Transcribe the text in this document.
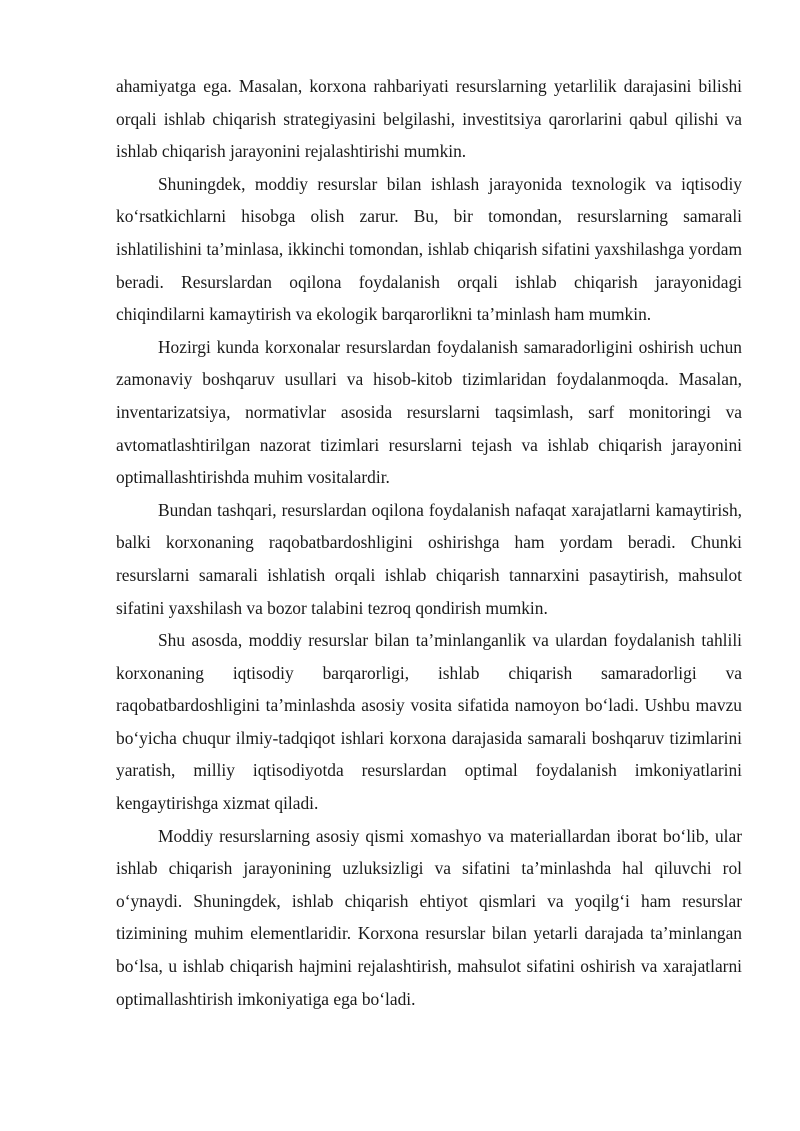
ahamiyatga ega. Masalan, korxona rahbariyati resurslarning yetarlilik darajasini bilishi orqali ishlab chiqarish strategiyasini belgilashi, investitsiya qarorlarini qabul qilishi va ishlab chiqarish jarayonini rejalashtirishi mumkin.

Shuningdek, moddiy resurslar bilan ishlash jarayonida texnologik va iqtisodiy ko‘rsatkichlarni hisobga olish zarur. Bu, bir tomondan, resurslarning samarali ishlatilishini ta’minlasa, ikkinchi tomondan, ishlab chiqarish sifatini yaxshilashga yordam beradi. Resurslardan oqilona foydalanish orqali ishlab chiqarish jarayonidagi chiqindilarni kamaytirish va ekologik barqarorlikni ta’minlash ham mumkin.

Hozirgi kunda korxonalar resurslardan foydalanish samaradorligini oshirish uchun zamonaviy boshqaruv usullari va hisob-kitob tizimlaridan foydalanmoqda. Masalan, inventarizatsiya, normativlar asosida resurslarni taqsimlash, sarf monitoringi va avtomatlashtirilgan nazorat tizimlari resurslarni tejash va ishlab chiqarish jarayonini optimallashtirishda muhim vositalardir.

Bundan tashqari, resurslardan oqilona foydalanish nafaqat xarajatlarni kamaytirish, balki korxonaning raqobatbardoshligini oshirishga ham yordam beradi. Chunki resurslarni samarali ishlatish orqali ishlab chiqarish tannarxini pasaytirish, mahsulot sifatini yaxshilash va bozor talabini tezroq qondirish mumkin.

Shu asosda, moddiy resurslar bilan ta’minlanganlik va ulardan foydalanish tahlili korxonaning iqtisodiy barqarorligi, ishlab chiqarish samaradorligi va raqobatbardoshligini ta’minlashda asosiy vosita sifatida namoyon bo‘ladi. Ushbu mavzu bo‘yicha chuqur ilmiy-tadqiqot ishlari korxona darajasida samarali boshqaruv tizimlarini yaratish, milliy iqtisodiyotda resurslardan optimal foydalanish imkoniyatlarini kengaytirishga xizmat qiladi.

Moddiy resurslarning asosiy qismi xomashyo va materiallardan iborat bo‘lib, ular ishlab chiqarish jarayonining uzluksizligi va sifatini ta’minlashda hal qiluvchi rol o‘ynaydi. Shuningdek, ishlab chiqarish ehtiyot qismlari va yoqilg‘i ham resurslar tizimining muhim elementlaridir. Korxona resurslar bilan yetarli darajada ta’minlangan bo‘lsa, u ishlab chiqarish hajmini rejalashtirish, mahsulot sifatini oshirish va xarajatlarni optimallashtirish imkoniyatiga ega bo‘ladi.
